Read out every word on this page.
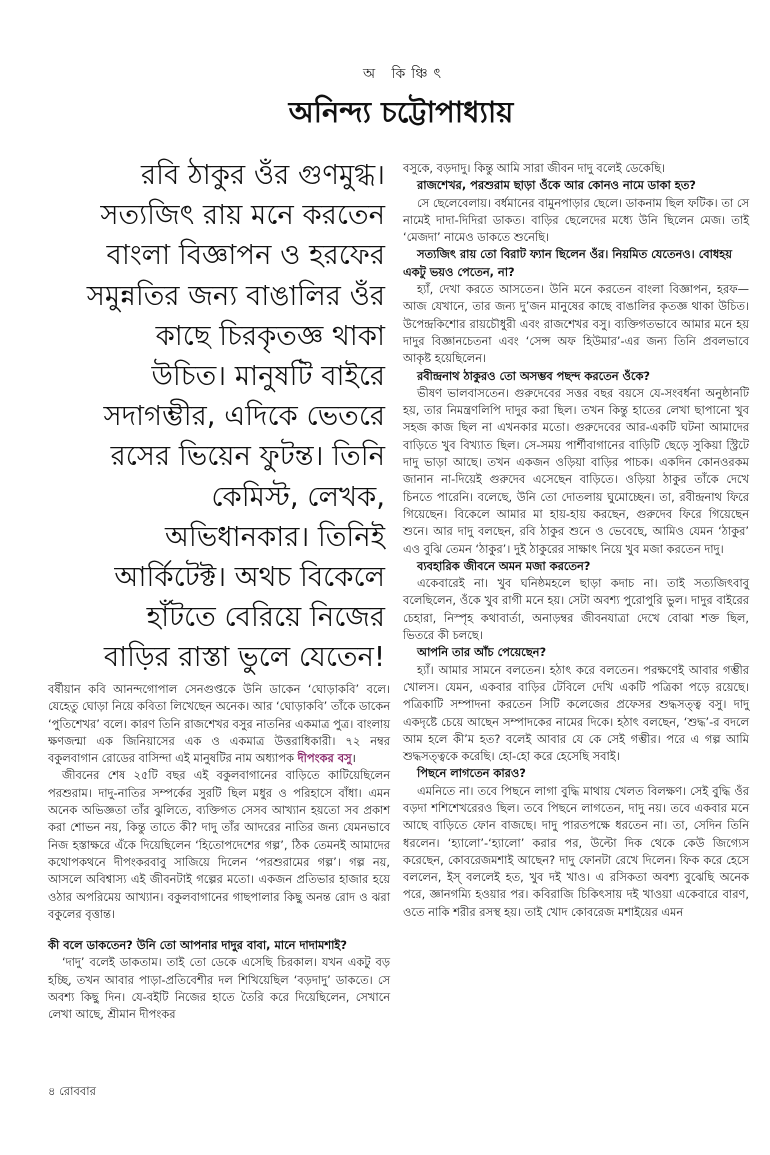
অ কিঞ্চিৎ
অনিন্দ্য চট্টোপাধ্যায়
রবি ঠাকুর ওঁর গুণমুগ্ধ।
সত্যজিৎ রায় মনে করতেন
বাংলা বিজ্ঞাপন ও হরফের
সমুন্নতির জন্য বাঙালির ওঁর
কাছে চিরকৃতজ্ঞ থাকা
উচিত। মানুষটি বাইরে
সদাগম্ভীর, এদিকে ভেতরে
রসের ভিয়েন ফুটন্ত। তিনি
কেমিস্ট, লেখক,
অভিধানকার। তিনিই
আর্কিটেক্ট। অথচ বিকেলে
হাঁটতে বেরিয়ে নিজের
বাড়ির রাস্তা ভুলে যেতেন!
বর্ষীয়ান কবি আনন্দগোপাল সেনগুপ্তকে উনি ডাকেন ‘ঘোড়াকবি’ বলে। যেহেতু ঘোড়া নিয়ে কবিতা লিখেছেন অনেক। আর ‘ঘোড়াকবি’ তাঁকে ডাকেন ‘পুতিশেখর’ বলে। কারণ তিনি রাজশেখর বসুর নাতনির একমাত্র পুত্র। বাংলায় ক্ষণজন্মা এক জিনিয়াসের এক ও একমাত্র উত্তরাধিকারী। ৭২ নম্বর বকুলবাগান রোডের বাসিন্দা এই মানুষটির নাম অধ্যাপক দীপংকর বসু।
জীবনের শেষ ২৫টি বছর এই বকুলবাগানের বাড়িতে কাটিয়েছিলেন পরশুরাম। দাদু-নাতির সম্পর্কের সুরটি ছিল মধুর ও পরিহাসে বাঁধা। এমন অনেক অভিজ্ঞতা তাঁর ঝুলিতে, ব্যক্তিগত সেসব আখ্যান হয়তো সব প্রকাশ করা শোভন নয়, কিন্তু তাতে কী? দাদু তাঁর আদরের নাতির জন্য যেমনভাবে নিজ হস্তাক্ষরে এঁকে দিয়েছিলেন ‘হিতোপদেশের গল্প’, ঠিক তেমনই আমাদের কথোপকথনে দীপংকরবাবু সাজিয়ে দিলেন ‘পরশুরামের গল্প’। গল্প নয়, আসলে অবিশ্বাস্য এই জীবনটাই গল্পের মতো। একজন প্রতিভার হাজার হয়ে ওঠার অপরিমেয় আখ্যান। বকুলবাগানের গাছপালার কিছু অনন্ত রোদ ও ঝরা বকুলের বৃত্তান্ত।
কী বলে ডাকতেন? উনি তো আপনার দাদুর বাবা, মানে দাদামশাই?
‘দাদু’ বলেই ডাকতাম। তাই তো ডেকে এসেছি চিরকাল। যখন একটু বড় হচ্ছি, তখন আবার পাড়া-প্রতিবেশীর দল শিখিয়েছিল ‘বড়দাদু’ ডাকতে। সে অবশ্য কিছু দিন। যে-বইটি নিজের হাতে তৈরি করে দিয়েছিলেন, সেখানে লেখা আছে, শ্রীমান দীপংকর
বসুকে, বড়দাদু। কিন্তু আমি সারা জীবন দাদু বলেই ডেকেছি।
রাজশেখর, পরশুরাম ছাড়া ওঁকে আর কোনও নামে ডাকা হত?
সে ছেলেবেলায়। বর্ধমানের বামুনপাড়ার ছেলে। ডাকনাম ছিল ফটিক। তা সে নামেই দাদা-দিদিরা ডাকত। বাড়ির ছেলেদের মধ্যে উনি ছিলেন মেজ। তাই ‘মেজদা’ নামেও ডাকতে শুনেছি।
সত্যজিৎ রায় তো বিরাট ফ্যান ছিলেন ওঁর। নিয়মিত যেতেনও। বোধহয় একটু ভয়ও পেতেন, না?
হ্যাঁ, দেখা করতে আসতেন। উনি মনে করতেন বাংলা বিজ্ঞাপন, হরফ—আজ যেখানে, তার জন্য দু’জন মানুষের কাছে বাঙালির কৃতজ্ঞ থাকা উচিত। উপেন্দ্রকিশোর রায়চৌধুরী এবং রাজশেখর বসু। ব্যক্তিগতভাবে আমার মনে হয় দাদুর বিজ্ঞানচেতনা এবং ‘সেন্স অফ হিউমার’-এর জন্য তিনি প্রবলভাবে আকৃষ্ট হয়েছিলেন।
রবীন্দ্রনাথ ঠাকুরও তো অসম্ভব পছন্দ করতেন ওঁকে?
ভীষণ ভালবাসতেন। গুরুদেবের সত্তর বছর বয়সে যে-সংবর্ধনা অনুষ্ঠানটি হয়, তার নিমন্ত্রণলিপি দাদুর করা ছিল। তখন কিন্তু হাতের লেখা ছাপানো খুব সহজ কাজ ছিল না এখনকার মতো। গুরুদেবের আর-একটি ঘটনা আমাদের বাড়িতে খুব বিখ্যাত ছিল। সে-সময় পার্শীবাগানের বাড়িটি ছেড়ে সুকিয়া স্ট্রিটে দাদু ভাড়া আছে। তখন একজন ওড়িয়া বাড়ির পাচক। একদিন কোনওরকম জানান না-দিয়েই গুরুদেব এসেছেন বাড়িতে। ওড়িয়া ঠাকুর তাঁকে দেখে চিনতে পারেনি। বলেছে, উনি তো দোতলায় ঘুমোচ্ছেন। তা, রবীন্দ্রনাথ ফিরে গিয়েছেন। বিকেলে আমার মা হায়-হায় করছেন, গুরুদেব ফিরে গিয়েছেন শুনে। আর দাদু বলছেন, রবি ঠাকুর শুনে ও ভেবেছে, আমিও যেমন ‘ঠাকুর’ এও বুঝি তেমন ‘ঠাকুর’। দুই ঠাকুরের সাক্ষাৎ নিয়ে খুব মজা করতেন দাদু।
ব্যবহারিক জীবনে অমন মজা করতেন?
একেবারেই না। খুব ঘনিষ্ঠমহলে ছাড়া কদাচ না। তাই সত্যজিৎবাবু বলেছিলেন, ওঁকে খুব রাগী মনে হয়। সেটা অবশ্য পুরোপুরি ভুল। দাদুর বাইরের চেহারা, নিস্পৃহ কথাবার্তা, অনাড়ম্বর জীবনযাত্রা দেখে বোঝা শক্ত ছিল, ভিতরে কী চলছে।
আপনি তার আঁচ পেয়েছেন?
হ্যাঁ। আমার সামনে বলতেন। হঠাৎ করে বলতেন। পরক্ষণেই আবার গম্ভীর খোলস। যেমন, একবার বাড়ির টেবিলে দেখি একটি পত্রিকা পড়ে রয়েছে। পত্রিকাটি সম্পাদনা করতেন সিটি কলেজের প্রফেসর শুদ্ধসত্ত্ব বসু। দাদু একদৃষ্টে চেয়ে আছেন সম্পাদকের নামের দিকে। হঠাৎ বলছেন, ‘শুদ্ধ’-র বদলে আম হলে কী’ম হত? বলেই আবার যে কে সেই গম্ভীর। পরে এ গল্প আমি শুদ্ধসত্ত্বকে করেছি। হো-হো করে হেসেছি সবাই।
পিছনে লাগতেন কারও?
এমনিতে না। তবে পিছনে লাগা বুদ্ধি মাথায় খেলত বিলক্ষণ। সেই বুদ্ধি ওঁর বড়দা শশিশেখরেরও ছিল। তবে পিছনে লাগতেন, দাদু নয়। তবে একবার মনে আছে বাড়িতে ফোন বাজছে। দাদু পারতপক্ষে ধরতেন না। তা, সেদিন তিনি ধরলেন। ‘হ্যালো’-‘হ্যালো’ করার পর, উল্টো দিক থেকে কেউ জিগ্যেস করেছেন, কোবরেজমশাই আছেন? দাদু ফোনটা রেখে দিলেন। ফিক করে হেসে বললেন, ইস্ বললেই হত, খুব দই খাও। এ রসিকতা অবশ্য বুঝেছি অনেক পরে, জ্ঞানগম্যি হওয়ার পর। কবিরাজি চিকিৎসায় দই খাওয়া একেবারে বারণ, ওতে নাকি শরীর রসস্থ হয়। তাই খোদ কোবরেজ মশাইয়ের এমন
৪ রোববার
